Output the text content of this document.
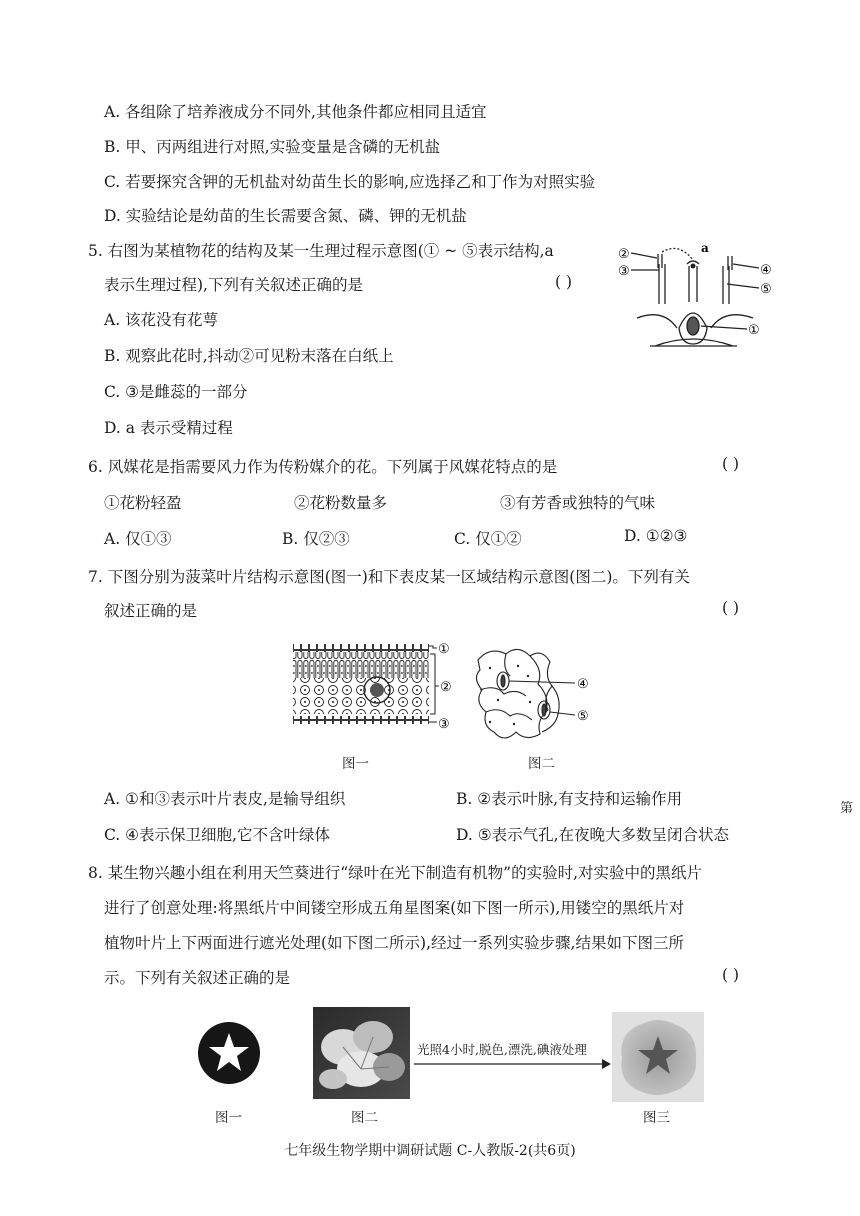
A. 各组除了培养液成分不同外,其他条件都应相同且适宜
B. 甲、丙两组进行对照,实验变量是含磷的无机盐
C. 若要探究含钾的无机盐对幼苗生长的影响,应选择乙和丁作为对照实验
D. 实验结论是幼苗的生长需要含氮、磷、钾的无机盐
5. 右图为某植物花的结构及某一生理过程示意图(① ~ ⑤表示结构,a
表示生理过程),下列有关叙述正确的是	( )
A. 该花没有花萼
B. 观察此花时,抖动②可见粉末落在白纸上
C. ③是雌蕊的一部分
D. a 表示受精过程
②
③
a
④
⑤
①
6. 风媒花是指需要风力作为传粉媒介的花。下列属于风媒花特点的是	( )
①花粉轻盈	②花粉数量多	③有芳香或独特的气味
A. 仅①③	B. 仅②③	C. 仅①②	D. ①②③
7. 下图分别为菠菜叶片结构示意图(图一)和下表皮某一区域结构示意图(图二)。下列有关
叙述正确的是	( )
①
②
③
图一
④
⑤
图二
A. ①和③表示叶片表皮,是输导组织	B. ②表示叶脉,有支持和运输作用
C. ④表示保卫细胞,它不含叶绿体	D. ⑤表示气孔,在夜晚大多数呈闭合状态
第
8. 某生物兴趣小组在利用天竺葵进行“绿叶在光下制造有机物”的实验时,对实验中的黑纸片
进行了创意处理:将黑纸片中间镂空形成五角星图案(如下图一所示),用镂空的黑纸片对
植物叶片上下两面进行遮光处理(如下图二所示),经过一系列实验步骤,结果如下图三所
示。下列有关叙述正确的是	( )
图一	图二
光照4小时,脱色,漂洗,碘液处理
图三
七年级生物学期中调研试题 C-人教版-2(共6页)
